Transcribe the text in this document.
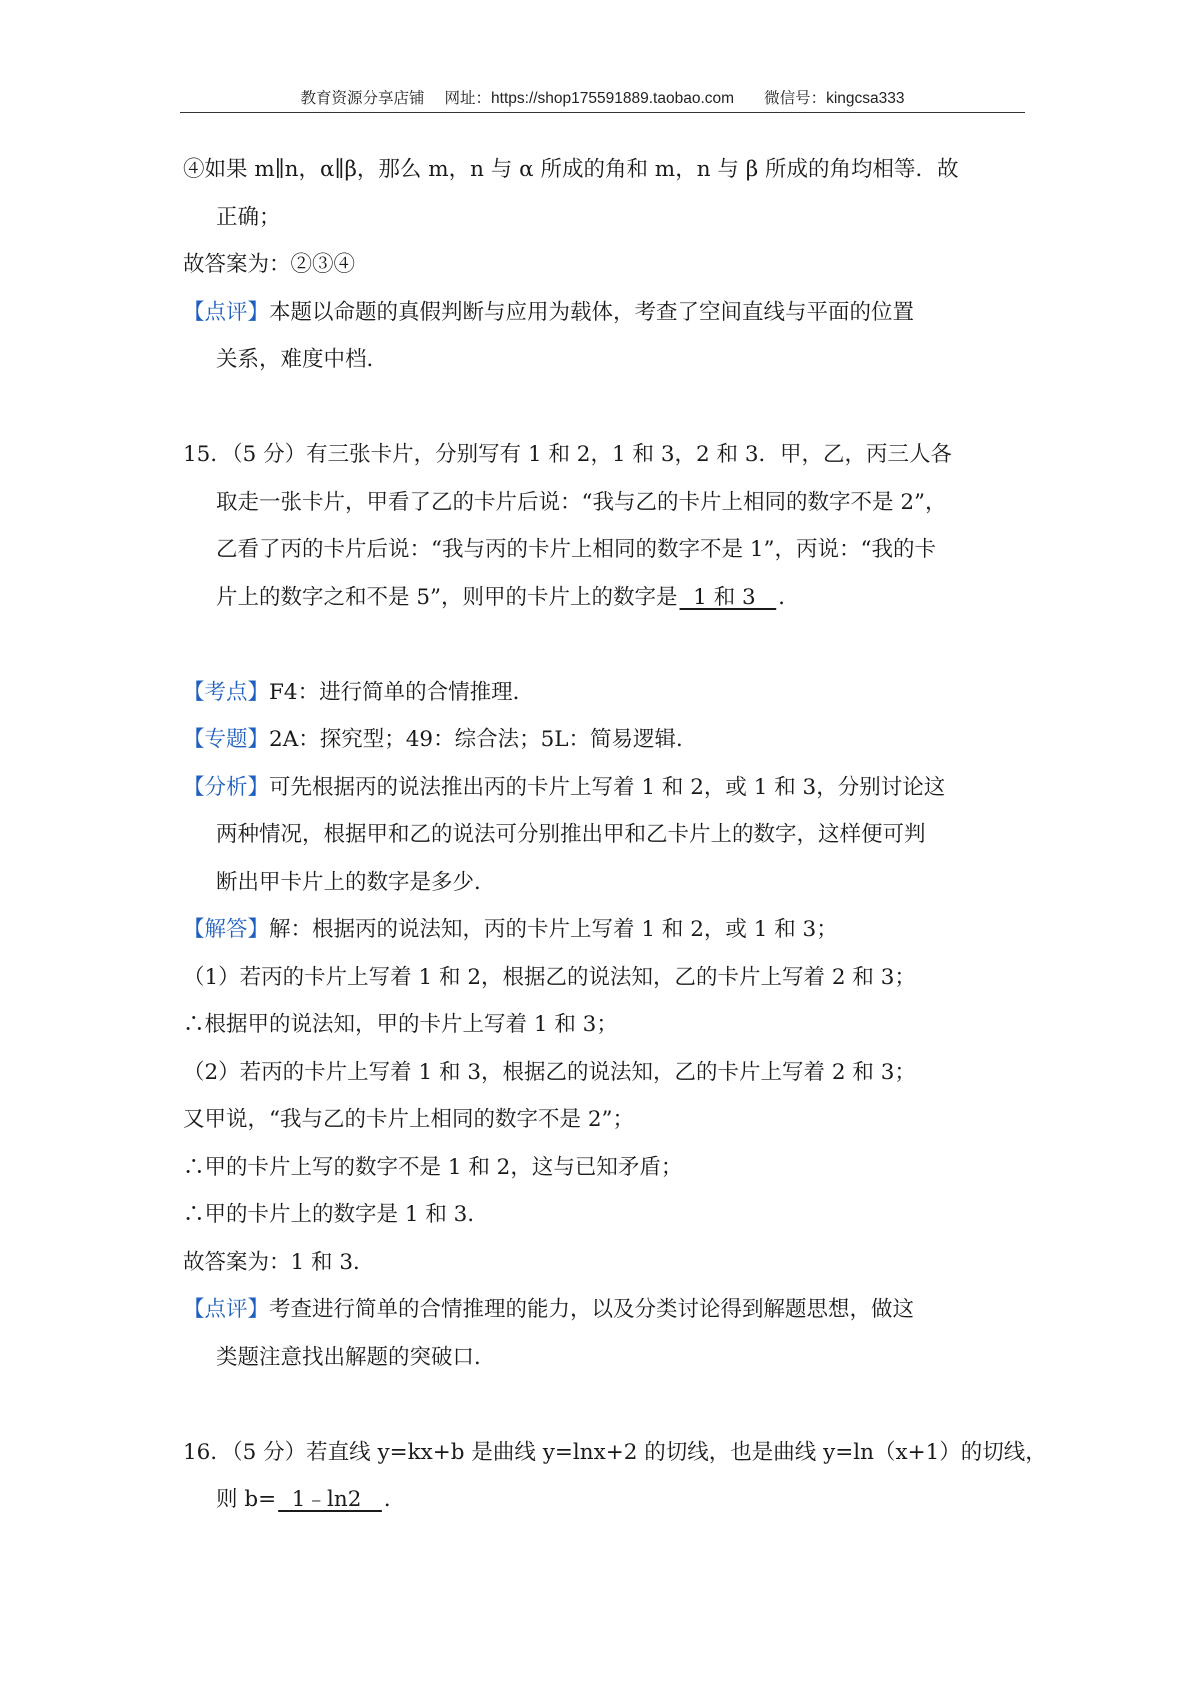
教育资源分享店铺 网址：https://shop175591889.taobao.com 微信号：kingcsa333
④如果 m∥n，α∥β，那么 m，n 与 α 所成的角和 m，n 与 β 所成的角均相等．故
正确；
故答案为：②③④
【点评】本题以命题的真假判断与应用为载体，考查了空间直线与平面的位置
关系，难度中档．
15．（5 分）有三张卡片，分别写有 1 和 2，1 和 3，2 和 3．甲，乙，丙三人各
取走一张卡片，甲看了乙的卡片后说：“我与乙的卡片上相同的数字不是 2”，
乙看了丙的卡片后说：“我与丙的卡片上相同的数字不是 1”，丙说：“我的卡
片上的数字之和不是 5”，则甲的卡片上的数字是  1 和 3   ．
【考点】F4：进行简单的合情推理．
【专题】2A：探究型；49：综合法；5L：简易逻辑．
【分析】可先根据丙的说法推出丙的卡片上写着 1 和 2，或 1 和 3，分别讨论这
两种情况，根据甲和乙的说法可分别推出甲和乙卡片上的数字，这样便可判
断出甲卡片上的数字是多少．
【解答】解：根据丙的说法知，丙的卡片上写着 1 和 2，或 1 和 3；
（1）若丙的卡片上写着 1 和 2，根据乙的说法知，乙的卡片上写着 2 和 3；
∴根据甲的说法知，甲的卡片上写着 1 和 3；
（2）若丙的卡片上写着 1 和 3，根据乙的说法知，乙的卡片上写着 2 和 3；
又甲说，“我与乙的卡片上相同的数字不是 2”；
∴甲的卡片上写的数字不是 1 和 2，这与已知矛盾；
∴甲的卡片上的数字是 1 和 3．
故答案为：1 和 3．
【点评】考查进行简单的合情推理的能力，以及分类讨论得到解题思想，做这
类题注意找出解题的突破口．
16．（5 分）若直线 y=kx+b 是曲线 y=lnx+2 的切线，也是曲线 y=ln（x+1）的切线，
则 b=  1﹣ln2   ．
